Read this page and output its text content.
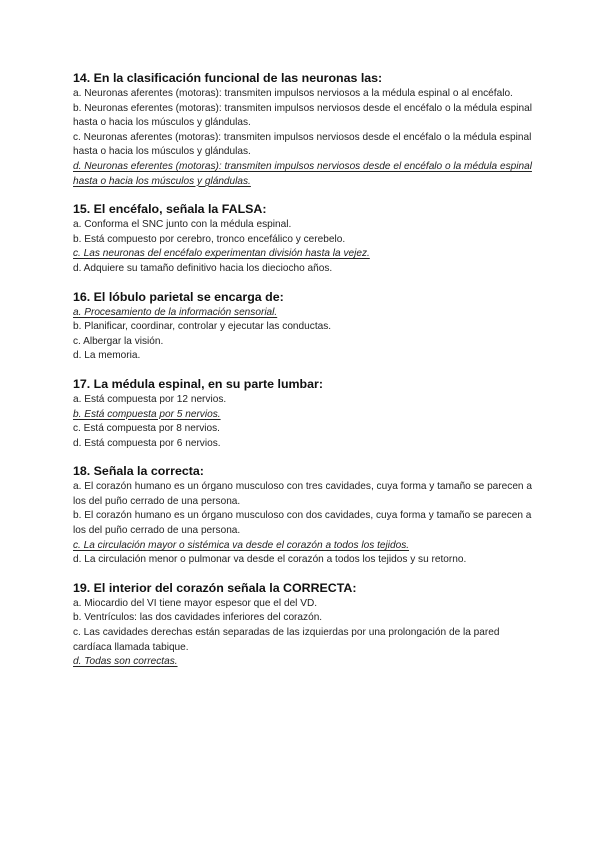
14. En la clasificación funcional de las neuronas las:

a. Neuronas aferentes (motoras): transmiten impulsos nerviosos a la médula espinal o al encéfalo.

b. Neuronas eferentes (motoras): transmiten impulsos nerviosos desde el encéfalo o la médula espinal hasta o hacia los músculos y glándulas.

c. Neuronas aferentes (motoras): transmiten impulsos nerviosos desde el encéfalo o la médula espinal hasta o hacia los músculos y glándulas.

d. Neuronas eferentes (motoras): transmiten impulsos nerviosos desde el encéfalo o la médula espinal hasta o hacia los músculos y glándulas.

15. El encéfalo, señala la FALSA:

a. Conforma el SNC junto con la médula espinal.

b. Está compuesto por cerebro, tronco encefálico y cerebelo.

c. Las neuronas del encéfalo experimentan división hasta la vejez.

d. Adquiere su tamaño definitivo hacia los dieciocho años.

16. El lóbulo parietal se encarga de:

a. Procesamiento de la información sensorial.

b. Planificar, coordinar, controlar y ejecutar las conductas.

c. Albergar la visión.

d. La memoria.

17. La médula espinal, en su parte lumbar:

a. Está compuesta por 12 nervios.

b. Está compuesta por 5 nervios.

c. Está compuesta por 8 nervios.

d. Está compuesta por 6 nervios.

18. Señala la correcta:

a. El corazón humano es un órgano musculoso con tres cavidades, cuya forma y tamaño se parecen a los del puño cerrado de una persona.

b. El corazón humano es un órgano musculoso con dos cavidades, cuya forma y tamaño se parecen a los del puño cerrado de una persona.

c. La circulación mayor o sistémica va desde el corazón a todos los tejidos.

d. La circulación menor o pulmonar va desde el corazón a todos los tejidos y su retorno.

19. El interior del corazón señala la CORRECTA:

a. Miocardio del VI tiene mayor espesor que el del VD.

b. Ventrículos: las dos cavidades inferiores del corazón.

c. Las cavidades derechas están separadas de las izquierdas por una prolongación de la pared cardíaca llamada tabique.

d. Todas son correctas.
